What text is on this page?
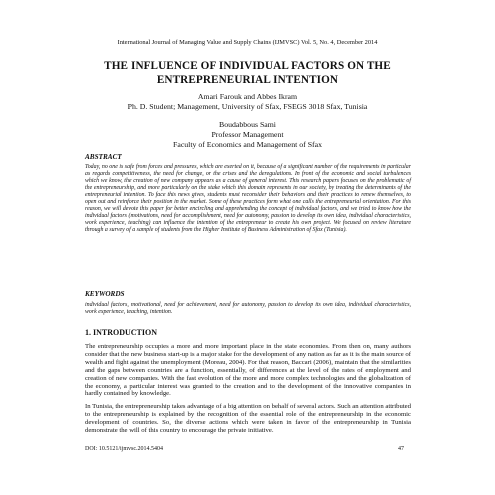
International Journal of Managing Value and Supply Chains (IJMVSC) Vol. 5, No. 4, December 2014
THE INFLUENCE OF INDIVIDUAL FACTORS ON THE ENTREPRENEURIAL INTENTION
Amari Farouk and Abbes Ikram
Ph. D. Student; Management, University of Sfax, FSEGS 3018 Sfax, Tunisia
Boudabbous Sami
Professor Management
Faculty of Economics and Management of Sfax
ABSTRACT

Today, no one is safe from forces and pressures, which are exerted on it, because of a significant number of the requirements in particular as regards competitiveness, the need for change, or the crises and the deregulations. In front of the economic and social turbulences which we know, the creation of new company appears as a cause of general interest. This research papers focuses on the problematic of the entrepreneurship, and more particularly on the stake which this domain represents in our society, by treating the determinants of the entrepreneurial intention. To face this news gives, students must reconsider their behaviors and their practices to renew themselves, to open out and reinforce their position in the market. Some of these practices form what one calls the entrepreneurial orientation. For this reason, we will devote this paper for better encircling and apprehending the concept of individual factors, and we tried to know how the individual factors (motivations, need for accomplishment, need for autonomy, passion to develop its own idea, individual characteristics, work experience, teaching) can influence the intention of the entrepreneur to create his own project. We focused on review literature through a survey of a sample of students from the Higher Institute of Business Administration of Sfax (Tunisia).

KEYWORDS

individual factors, motivational, need for achievement, need for autonomy, passion to develop its own idea, individual characteristics, work experience, teaching, intention.

1. INTRODUCTION

The entrepreneurship occupies a more and more important place in the state economies. From then on, many authors consider that the new business start-up is a major stake for the development of any nation as far as it is the main source of wealth and fight against the unemployment (Moreau, 2004). For that reason, Baccari (2006), maintain that the similarities and the gaps between countries are a function, essentially, of differences at the level of the rates of employment and creation of new companies. With the fast evolution of the more and more complex technologies and the globalization of the economy, a particular interest was granted to the creation and to the development of the innovative companies in hardly contained by knowledge.

In Tunisia, the entrepreneurship takes advantage of a big attention on behalf of several actors. Such an attention attributed to the entrepreneurship is explained by the recognition of the essential role of the entrepreneurship in the economic development of countries. So, the diverse actions which were taken in favor of the entrepreneurship in Tunisia demonstrate the will of this country to encourage the private initiative.

DOI: 10.5121/ijmvsc.2014.5404	47
